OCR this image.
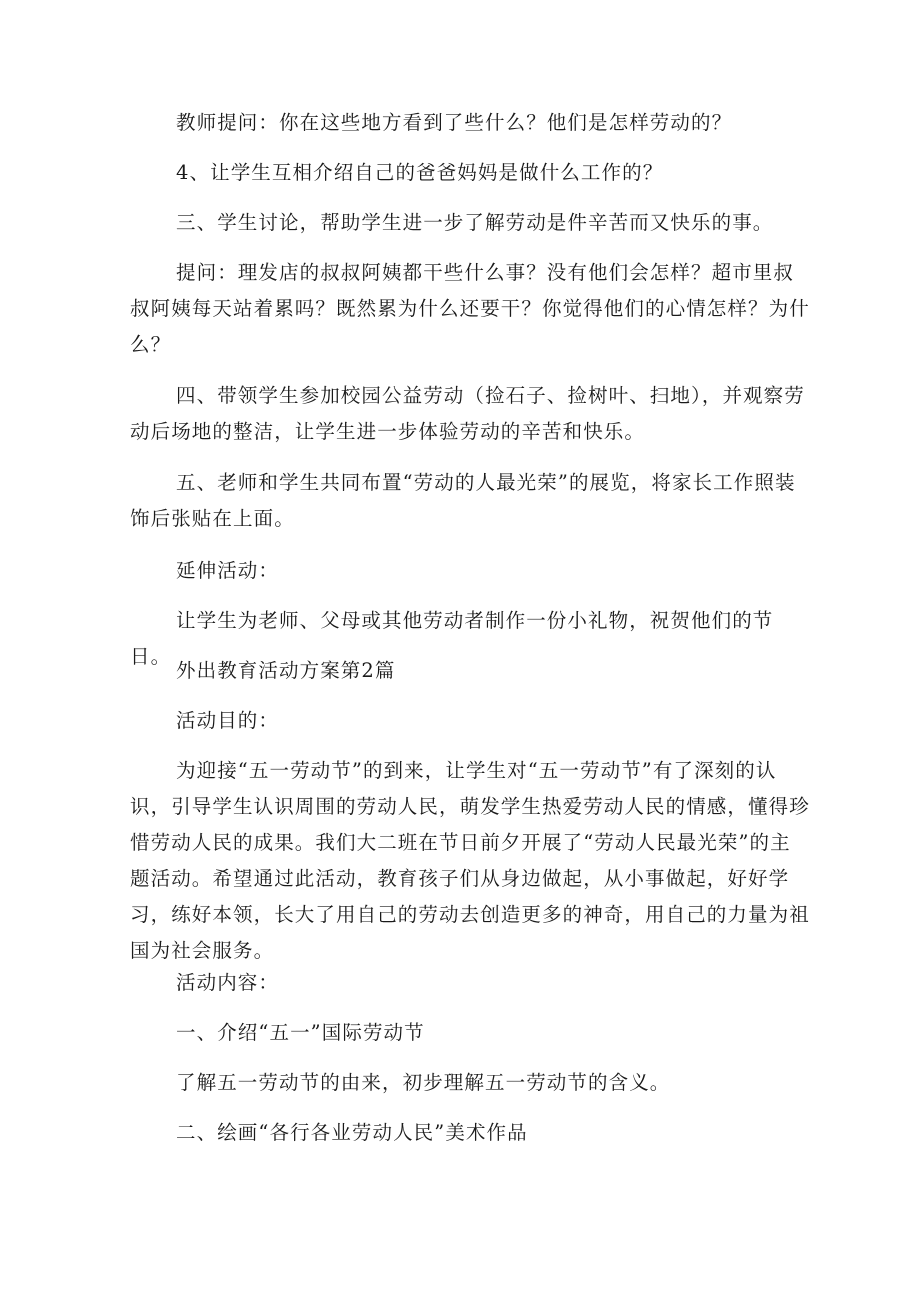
教师提问：你在这些地方看到了些什么？他们是怎样劳动的？

4、让学生互相介绍自己的爸爸妈妈是做什么工作的？

三、学生讨论，帮助学生进一步了解劳动是件辛苦而又快乐的事。

提问：理发店的叔叔阿姨都干些什么事？没有他们会怎样？超市里叔叔阿姨每天站着累吗？既然累为什么还要干？你觉得他们的心情怎样？为什么？

四、带领学生参加校园公益劳动（捡石子、捡树叶、扫地），并观察劳动后场地的整洁，让学生进一步体验劳动的辛苦和快乐。

五、老师和学生共同布置“劳动的人最光荣”的展览，将家长工作照装饰后张贴在上面。

延伸活动：

让学生为老师、父母或其他劳动者制作一份小礼物，祝贺他们的节日。

外出教育活动方案第2篇

活动目的：

为迎接“五一劳动节”的到来，让学生对“五一劳动节”有了深刻的认识，引导学生认识周围的劳动人民，萌发学生热爱劳动人民的情感，懂得珍惜劳动人民的成果。我们大二班在节日前夕开展了“劳动人民最光荣”的主题活动。希望通过此活动，教育孩子们从身边做起，从小事做起，好好学习，练好本领，长大了用自己的劳动去创造更多的神奇，用自己的力量为祖国为社会服务。

活动内容：

一、介绍“五一”国际劳动节

了解五一劳动节的由来，初步理解五一劳动节的含义。

二、绘画“各行各业劳动人民”美术作品
